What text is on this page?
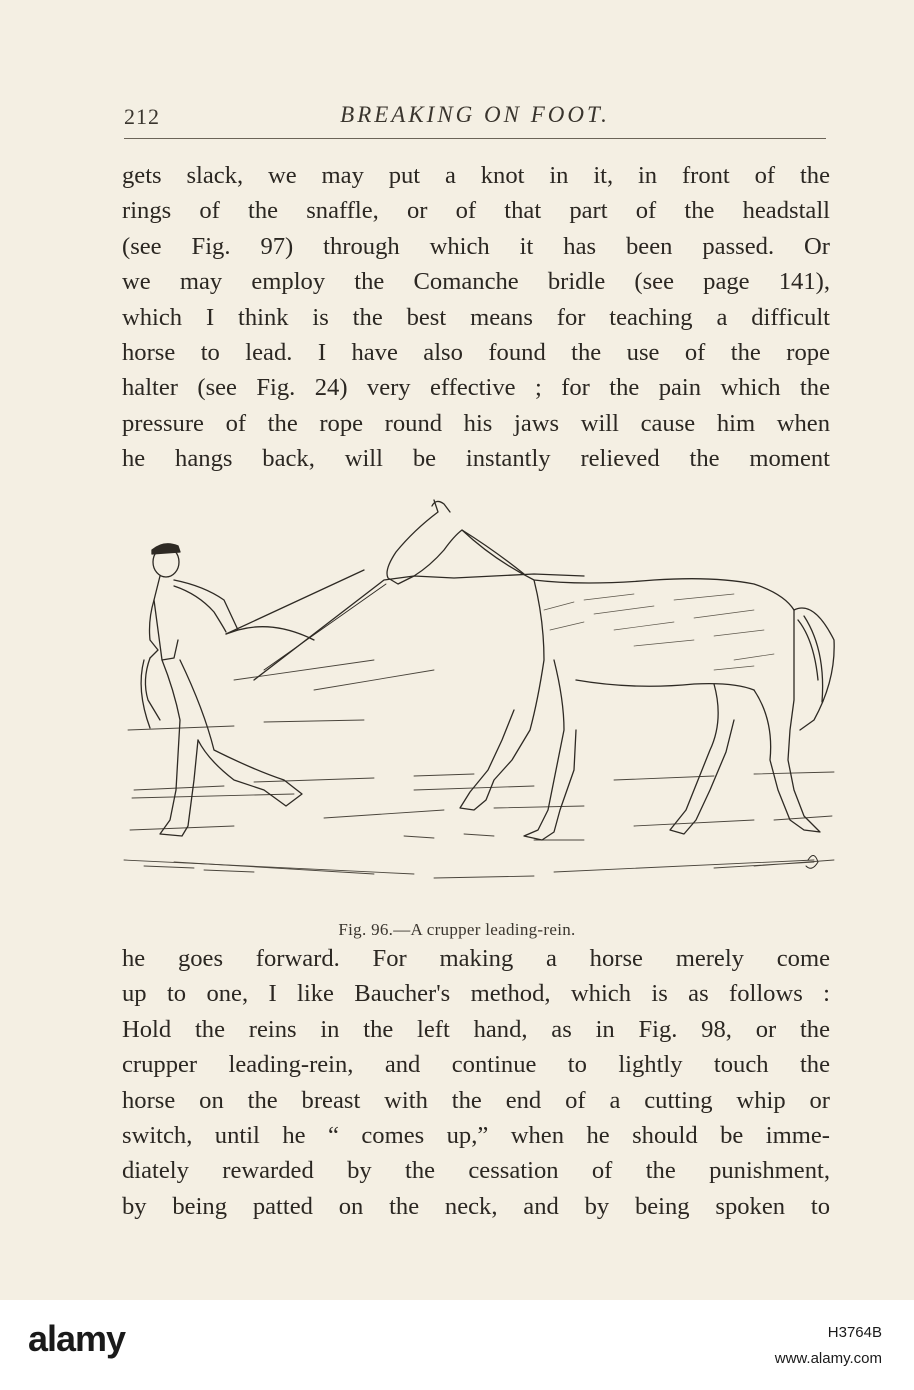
212	BREAKING ON FOOT.
gets slack, we may put a knot in it, in front of the
rings of the snaffle, or of that part of the headstall
(see Fig. 97) through which it has been passed. Or
we may employ the Comanche bridle (see page 141),
which I think is the best means for teaching a difficult
horse to lead. I have also found the use of the rope
halter (see Fig. 24) very effective ; for the pain which the
pressure of the rope round his jaws will cause him when
he hangs back, will be instantly relieved the moment
Fig. 96.—A crupper leading-rein.
he goes forward. For making a horse merely come
up to one, I like Baucher's method, which is as follows :
Hold the reins in the left hand, as in Fig. 98, or the
crupper leading-rein, and continue to lightly touch the
horse on the breast with the end of a cutting whip or
switch, until he “ comes up,” when he should be imme-
diately rewarded by the cessation of the punishment,
by being patted on the neck, and by being spoken to
alamy	H3764B
www.alamy.com
